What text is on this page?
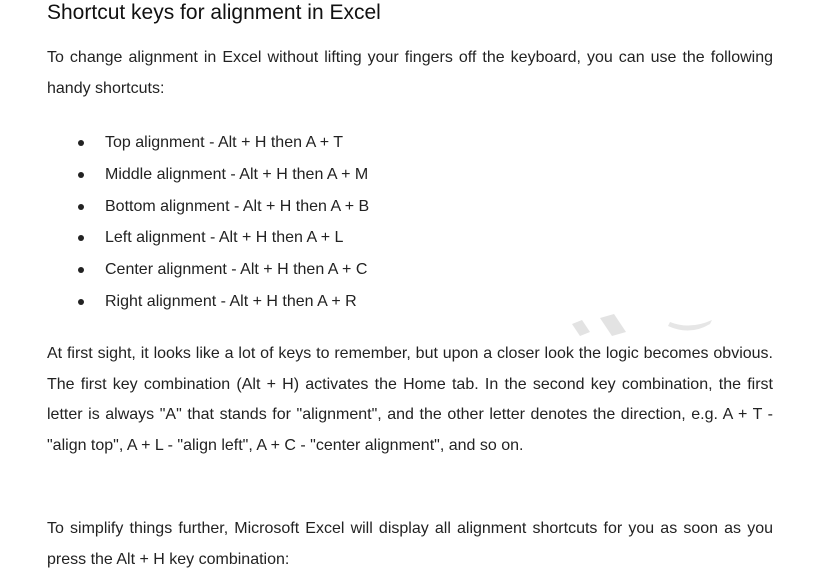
Shortcut keys for alignment in Excel

To change alignment in Excel without lifting your fingers off the keyboard, you can use the following handy shortcuts:

Top alignment - Alt + H then A + T
Middle alignment - Alt + H then A + M
Bottom alignment - Alt + H then A + B
Left alignment - Alt + H then A + L
Center alignment - Alt + H then A + C
Right alignment - Alt + H then A + R

At first sight, it looks like a lot of keys to remember, but upon a closer look the logic becomes obvious. The first key combination (Alt + H) activates the Home tab. In the second key combination, the first letter is always "A" that stands for "alignment", and the other letter denotes the direction, e.g. A + T - "align top", A + L - "align left", A + C - "center alignment", and so on.

To simplify things further, Microsoft Excel will display all alignment shortcuts for you as soon as you press the Alt + H key combination:
